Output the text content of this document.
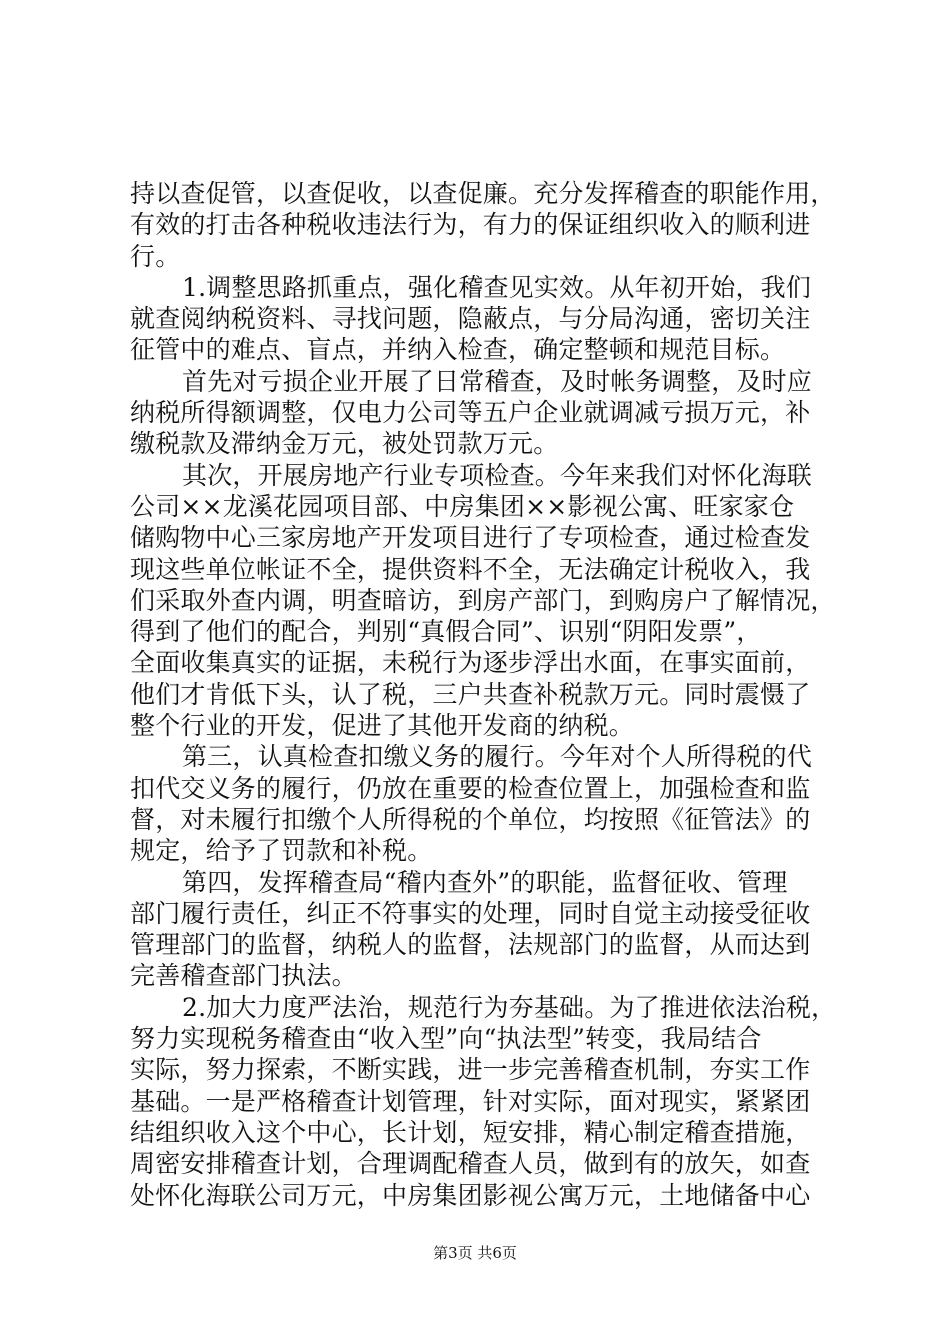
持以查促管，以查促收，以查促廉。充分发挥稽查的职能作用，
有效的打击各种税收违法行为，有力的保证组织收入的顺利进
行。
1.调整思路抓重点，强化稽查见实效。从年初开始，我们
就查阅纳税资料、寻找问题，隐蔽点，与分局沟通，密切关注
征管中的难点、盲点，并纳入检查，确定整顿和规范目标。
首先对亏损企业开展了日常稽查，及时帐务调整，及时应
纳税所得额调整，仅电力公司等五户企业就调减亏损万元，补
缴税款及滞纳金万元，被处罚款万元。
其次，开展房地产行业专项检查。今年来我们对怀化海联
公司××龙溪花园项目部、中房集团××影视公寓、旺家家仓
储购物中心三家房地产开发项目进行了专项检查，通过检查发
现这些单位帐证不全，提供资料不全，无法确定计税收入，我
们采取外查内调，明查暗访，到房产部门，到购房户了解情况，
得到了他们的配合，判别“真假合同”、识别“阴阳发票”，
全面收集真实的证据，未税行为逐步浮出水面，在事实面前，
他们才肯低下头，认了税，三户共查补税款万元。同时震慑了
整个行业的开发，促进了其他开发商的纳税。
第三，认真检查扣缴义务的履行。今年对个人所得税的代
扣代交义务的履行，仍放在重要的检查位置上，加强检查和监
督，对未履行扣缴个人所得税的个单位，均按照《征管法》的
规定，给予了罚款和补税。
第四，发挥稽查局“稽内查外”的职能，监督征收、管理
部门履行责任，纠正不符事实的处理，同时自觉主动接受征收
管理部门的监督，纳税人的监督，法规部门的监督，从而达到
完善稽查部门执法。
2.加大力度严法治，规范行为夯基础。为了推进依法治税，
努力实现税务稽查由“收入型”向“执法型”转变，我局结合
实际，努力探索，不断实践，进一步完善稽查机制，夯实工作
基础。一是严格稽查计划管理，针对实际，面对现实，紧紧团
结组织收入这个中心，长计划，短安排，精心制定稽查措施，
周密安排稽查计划，合理调配稽查人员，做到有的放矢，如查
处怀化海联公司万元，中房集团影视公寓万元，土地储备中心
第3页 共6页
